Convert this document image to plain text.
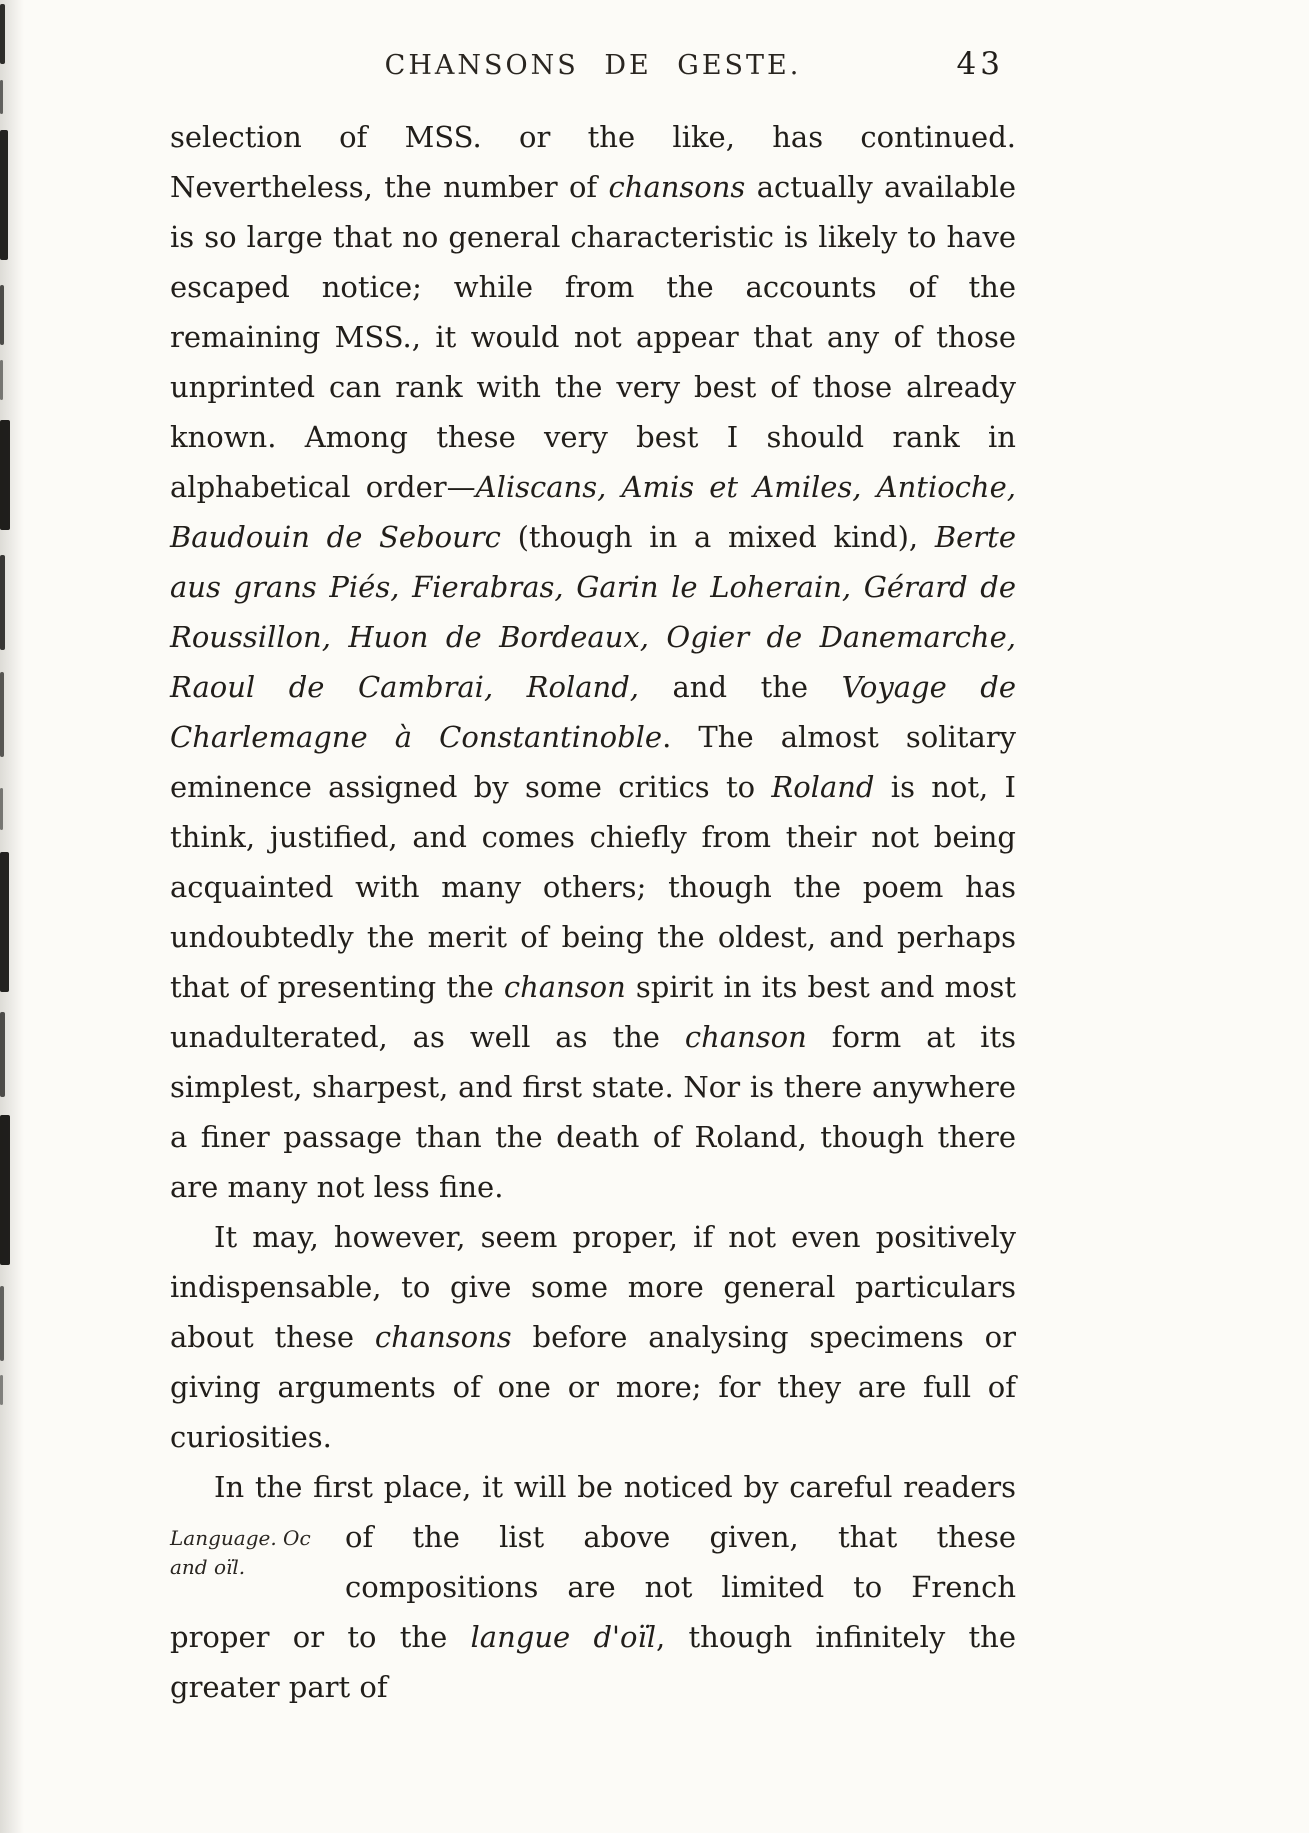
CHANSONS DE GESTE.	43

selection of MSS. or the like, has continued. Nevertheless, the number of chansons actually available is so large that no general characteristic is likely to have escaped notice; while from the accounts of the remaining MSS., it would not appear that any of those unprinted can rank with the very best of those already known. Among these very best I should rank in alphabetical order—Aliscans, Amis et Amiles, Antioche, Baudouin de Sebourc (though in a mixed kind), Berte aus grans Piés, Fierabras, Garin le Loherain, Gérard de Roussillon, Huon de Bordeaux, Ogier de Danemarche, Raoul de Cambrai, Roland, and the Voyage de Charlemagne à Constantinoble. The almost solitary eminence assigned by some critics to Roland is not, I think, justified, and comes chiefly from their not being acquainted with many others; though the poem has undoubtedly the merit of being the oldest, and perhaps that of presenting the chanson spirit in its best and most unadulterated, as well as the chanson form at its simplest, sharpest, and first state. Nor is there anywhere a finer passage than the death of Roland, though there are many not less fine.

It may, however, seem proper, if not even positively indispensable, to give some more general particulars about these chansons before analysing specimens or giving arguments of one or more; for they are full of curiosities.

In the first place, it will be noticed by careful readers
Language. Oc
and oïl.
of the list above given, that these compositions are not limited to French proper or to the langue d'oïl, though infinitely the greater part of
